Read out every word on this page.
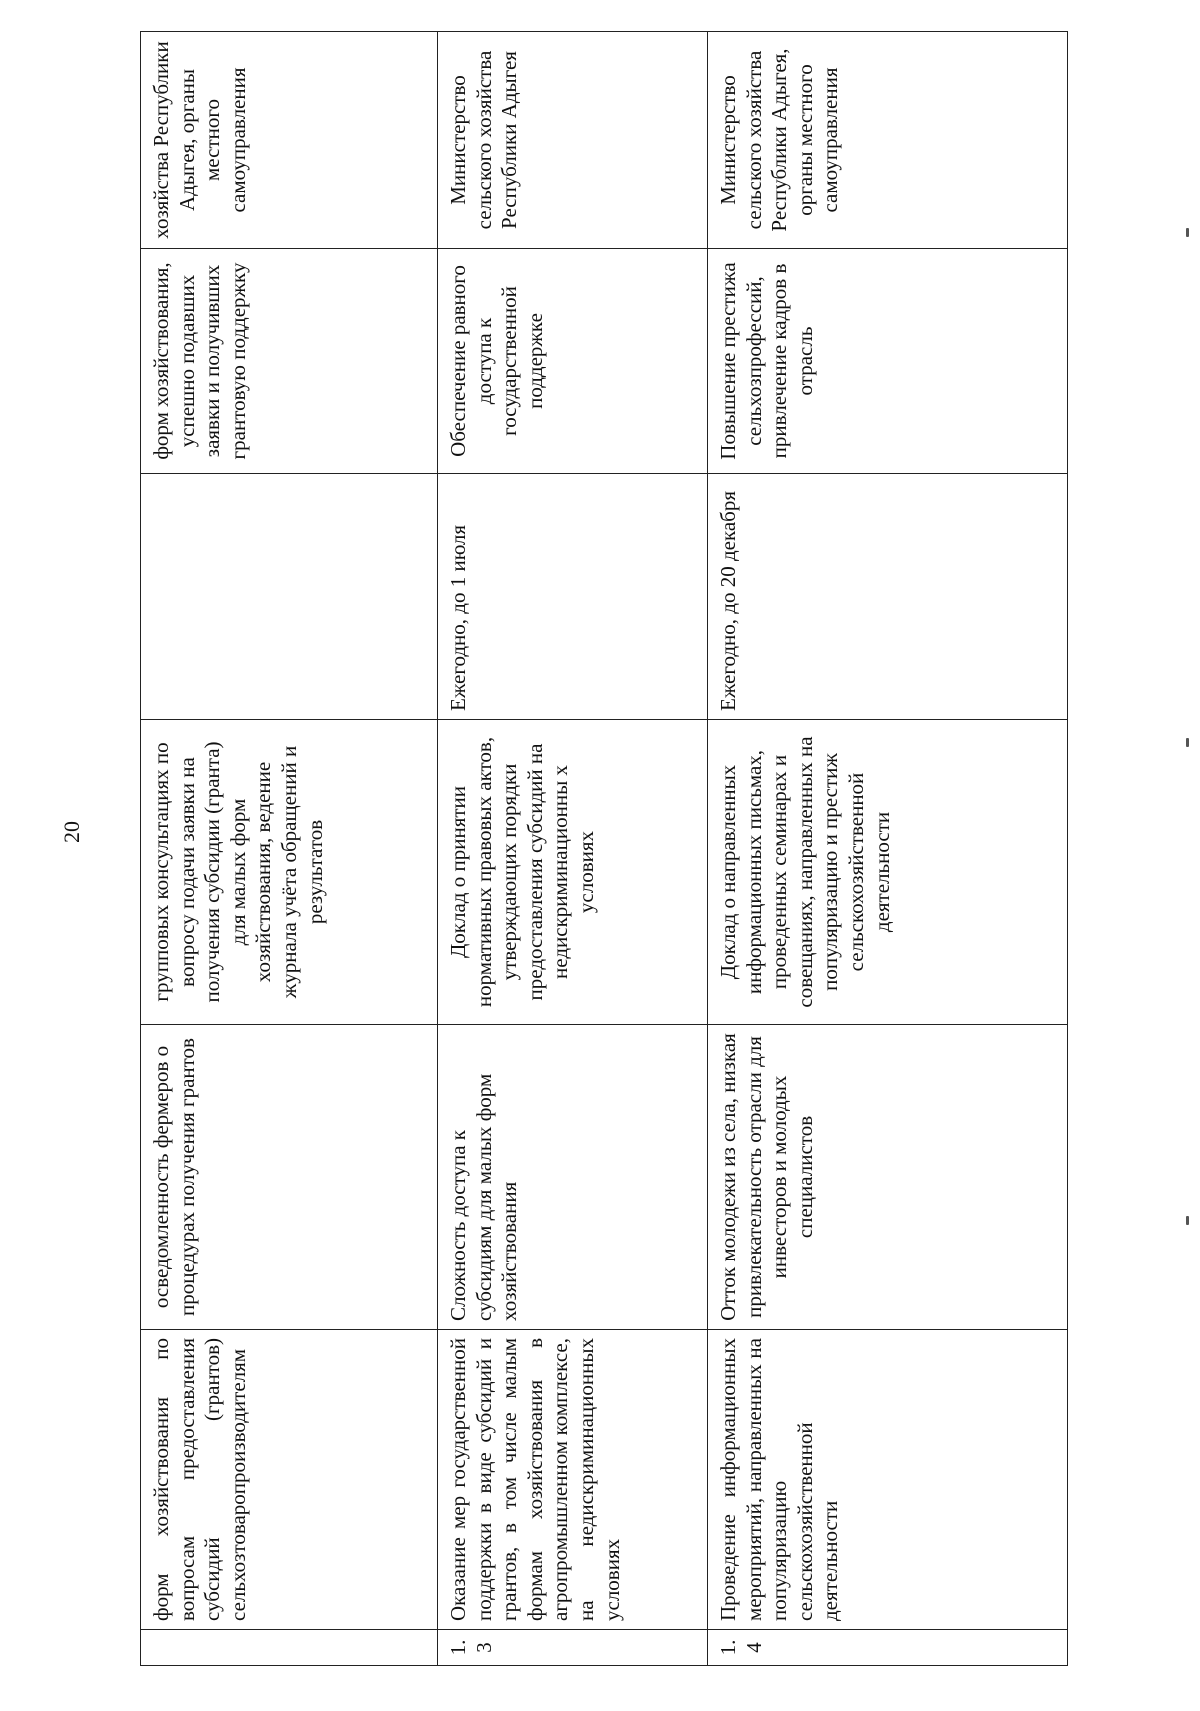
20
	форм хозяйствования по вопросам предоставления субсидий (грантов) сельхозтоваропроизводителям	осведомленность фермеров о процедурах получения грантов	групповых консультациях по вопросу подачи заявки на получения субсидии (гранта) для малых форм хозяйствования, ведение журнала учёта обращений и результатов		форм хозяйствования, успешно подавших заявки и получивших грантовую поддержку	хозяйства Республики Адыгея, органы местного самоуправления
1.3	Оказание мер государственной поддержки в виде субсидий и грантов, в том числе малым формам хозяйствования в агропромышленном комплексе, на недискриминационных условиях	Сложность доступа к субсидиям для малых форм хозяйствования	Доклад о принятии нормативных правовых актов, утверждающих порядки предоставления субсидий на недискриминационны х условиях	Ежегодно, до 1 июля	Обеспечение равного доступа к государственной поддержке	Министерство сельского хозяйства Республики Адыгея
1.4	Проведение информационных мероприятий, направленных на популяризацию сельскохозяйственной деятельности	Отток молодежи из села, низкая привлекательность отрасли для инвесторов и молодых специалистов	Доклад о направленных информационных письмах, проведенных семинарах и совещаниях, направленных на популяризацию и престиж сельскохозяйственной деятельности	Ежегодно, до 20 декабря	Повышение престижа сельхозпрофессий, привлечение кадров в отрасль	Министерство сельского хозяйства Республики Адыгея, органы местного самоуправления
